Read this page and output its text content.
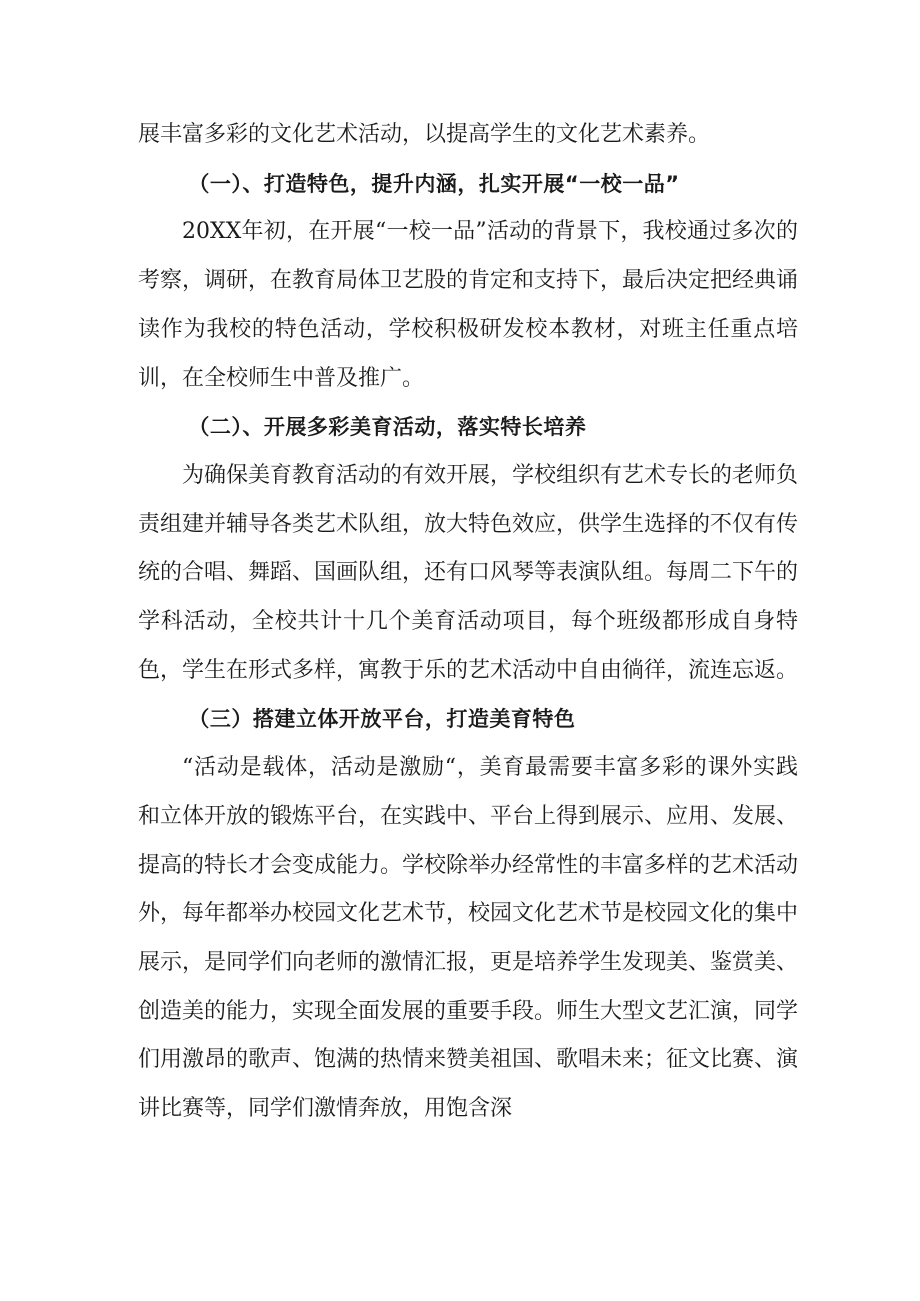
展丰富多彩的文化艺术活动，以提高学生的文化艺术素养。

（一）、打造特色，提升内涵，扎实开展“一校一品”

20XX年初，在开展“一校一品”活动的背景下，我校通过多次的考察，调研，在教育局体卫艺股的肯定和支持下，最后决定把经典诵读作为我校的特色活动，学校积极研发校本教材，对班主任重点培训，在全校师生中普及推广。

（二）、开展多彩美育活动，落实特长培养

为确保美育教育活动的有效开展，学校组织有艺术专长的老师负责组建并辅导各类艺术队组，放大特色效应，供学生选择的不仅有传统的合唱、舞蹈、国画队组，还有口风琴等表演队组。每周二下午的学科活动，全校共计十几个美育活动项目，每个班级都形成自身特色，学生在形式多样，寓教于乐的艺术活动中自由徜徉，流连忘返。

（三）搭建立体开放平台，打造美育特色

“活动是载体，活动是激励“，美育最需要丰富多彩的课外实践和立体开放的锻炼平台，在实践中、平台上得到展示、应用、发展、提高的特长才会变成能力。学校除举办经常性的丰富多样的艺术活动外，每年都举办校园文化艺术节，校园文化艺术节是校园文化的集中展示，是同学们向老师的激情汇报，更是培养学生发现美、鉴赏美、创造美的能力，实现全面发展的重要手段。师生大型文艺汇演，同学们用激昂的歌声、饱满的热情来赞美祖国、歌唱未来；征文比赛、演讲比赛等，同学们激情奔放，用饱含深
